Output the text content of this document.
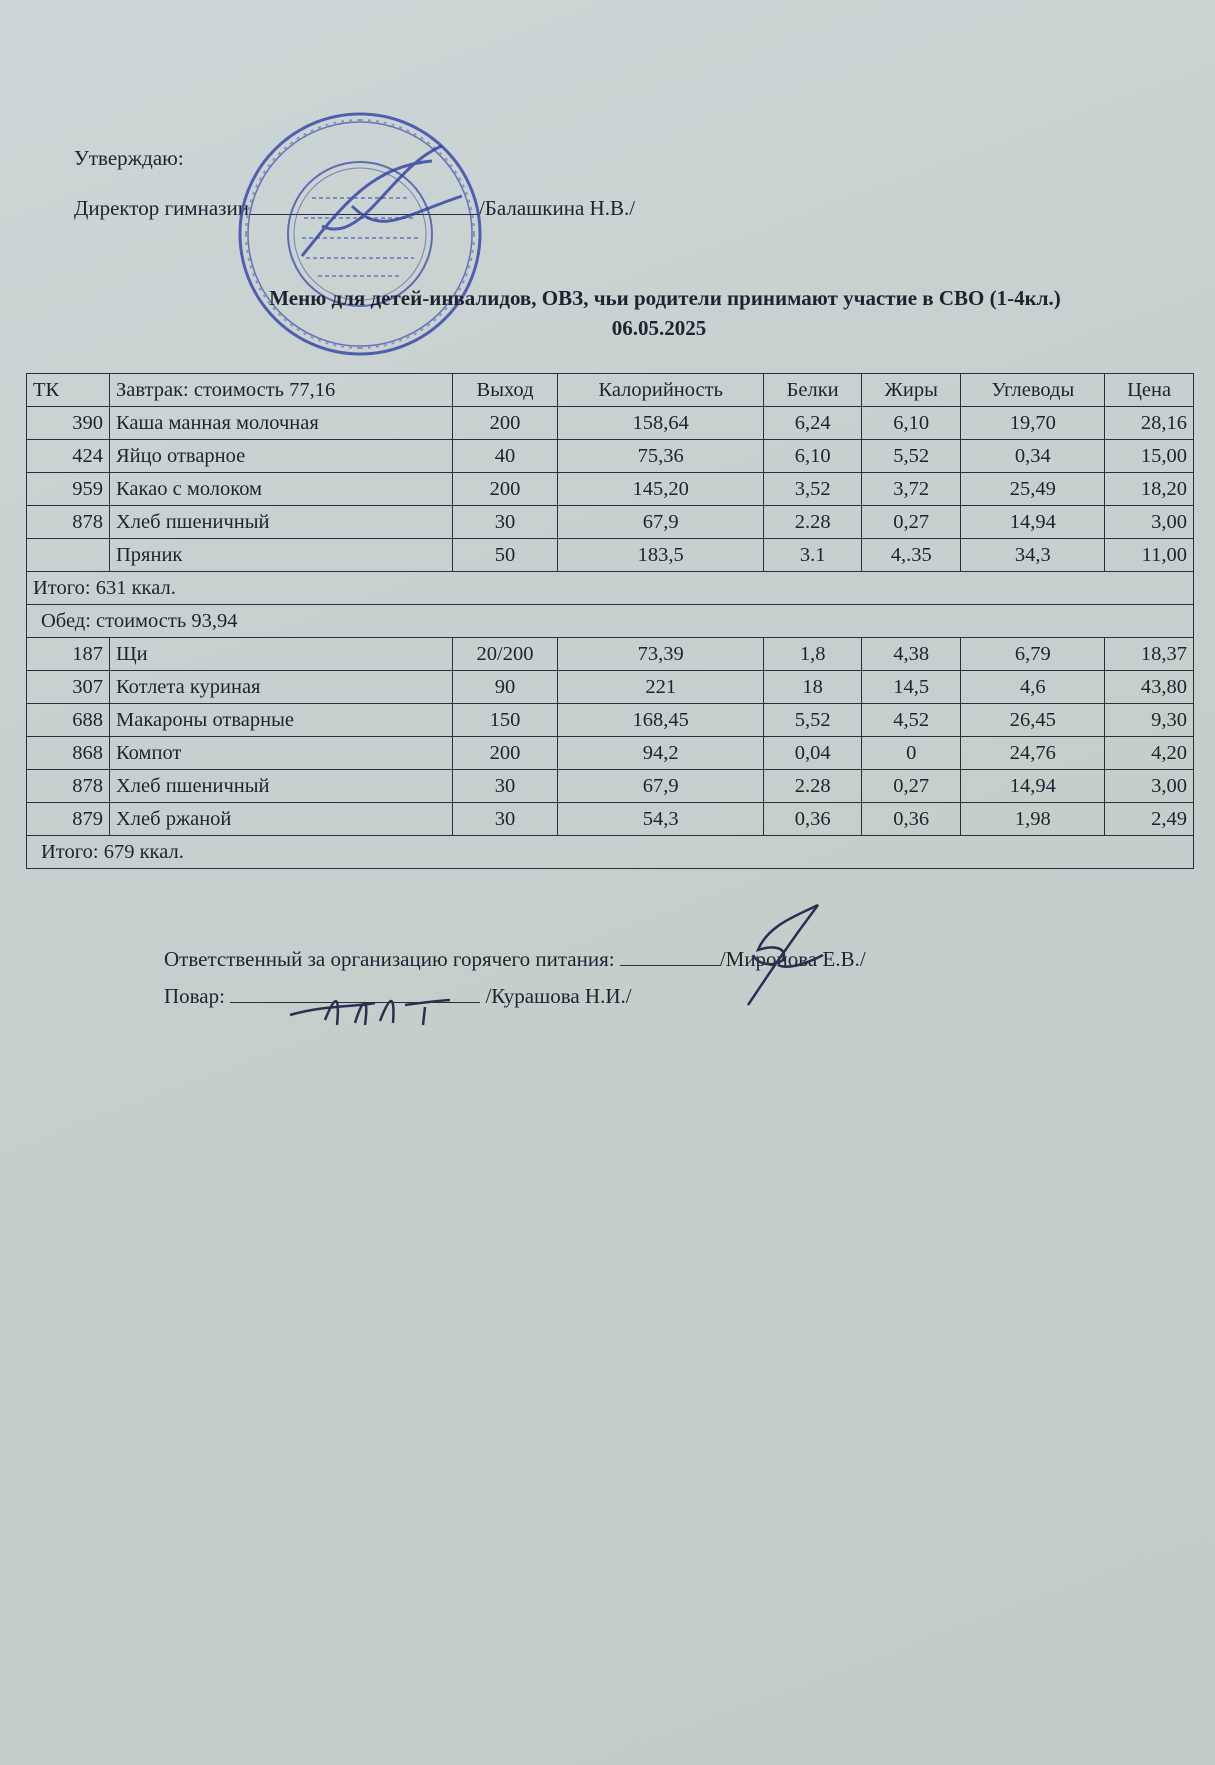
Утверждаю:
Директор гимназии	/Балашкина Н.В./
Меню для детей-инвалидов, ОВЗ, чьи родители принимают участие в СВО (1-4кл.)
06.05.2025
ТК	Завтрак: стоимость 77,16	Выход	Калорийность	Белки	Жиры	Углеводы	Цена
390	Каша манная молочная	200	158,64	6,24	6,10	19,70	28,16
424	Яйцо отварное	40	75,36	6,10	5,52	0,34	15,00
959	Какао с молоком	200	145,20	3,52	3,72	25,49	18,20
878	Хлеб пшеничный	30	67,9	2.28	0,27	14,94	3,00
	Пряник	50	183,5	3.1	4,.35	34,3	11,00
Итого: 631 ккал.							
Обед: стоимость 93,94							
187	Щи	20/200	73,39	1,8	4,38	6,79	18,37
307	Котлета куриная	90	221	18	14,5	4,6	43,80
688	Макароны отварные	150	168,45	5,52	4,52	26,45	9,30
868	Компот	200	94,2	0,04	0	24,76	4,20
878	Хлеб пшеничный	30	67,9	2.28	0,27	14,94	3,00
879	Хлеб ржаной	30	54,3	0,36	0,36	1,98	2,49
Итого: 679 ккал.							
Ответственный за организацию горячего питания:	/Миронова Е.В./
Повар:	/Курашова Н.И./
